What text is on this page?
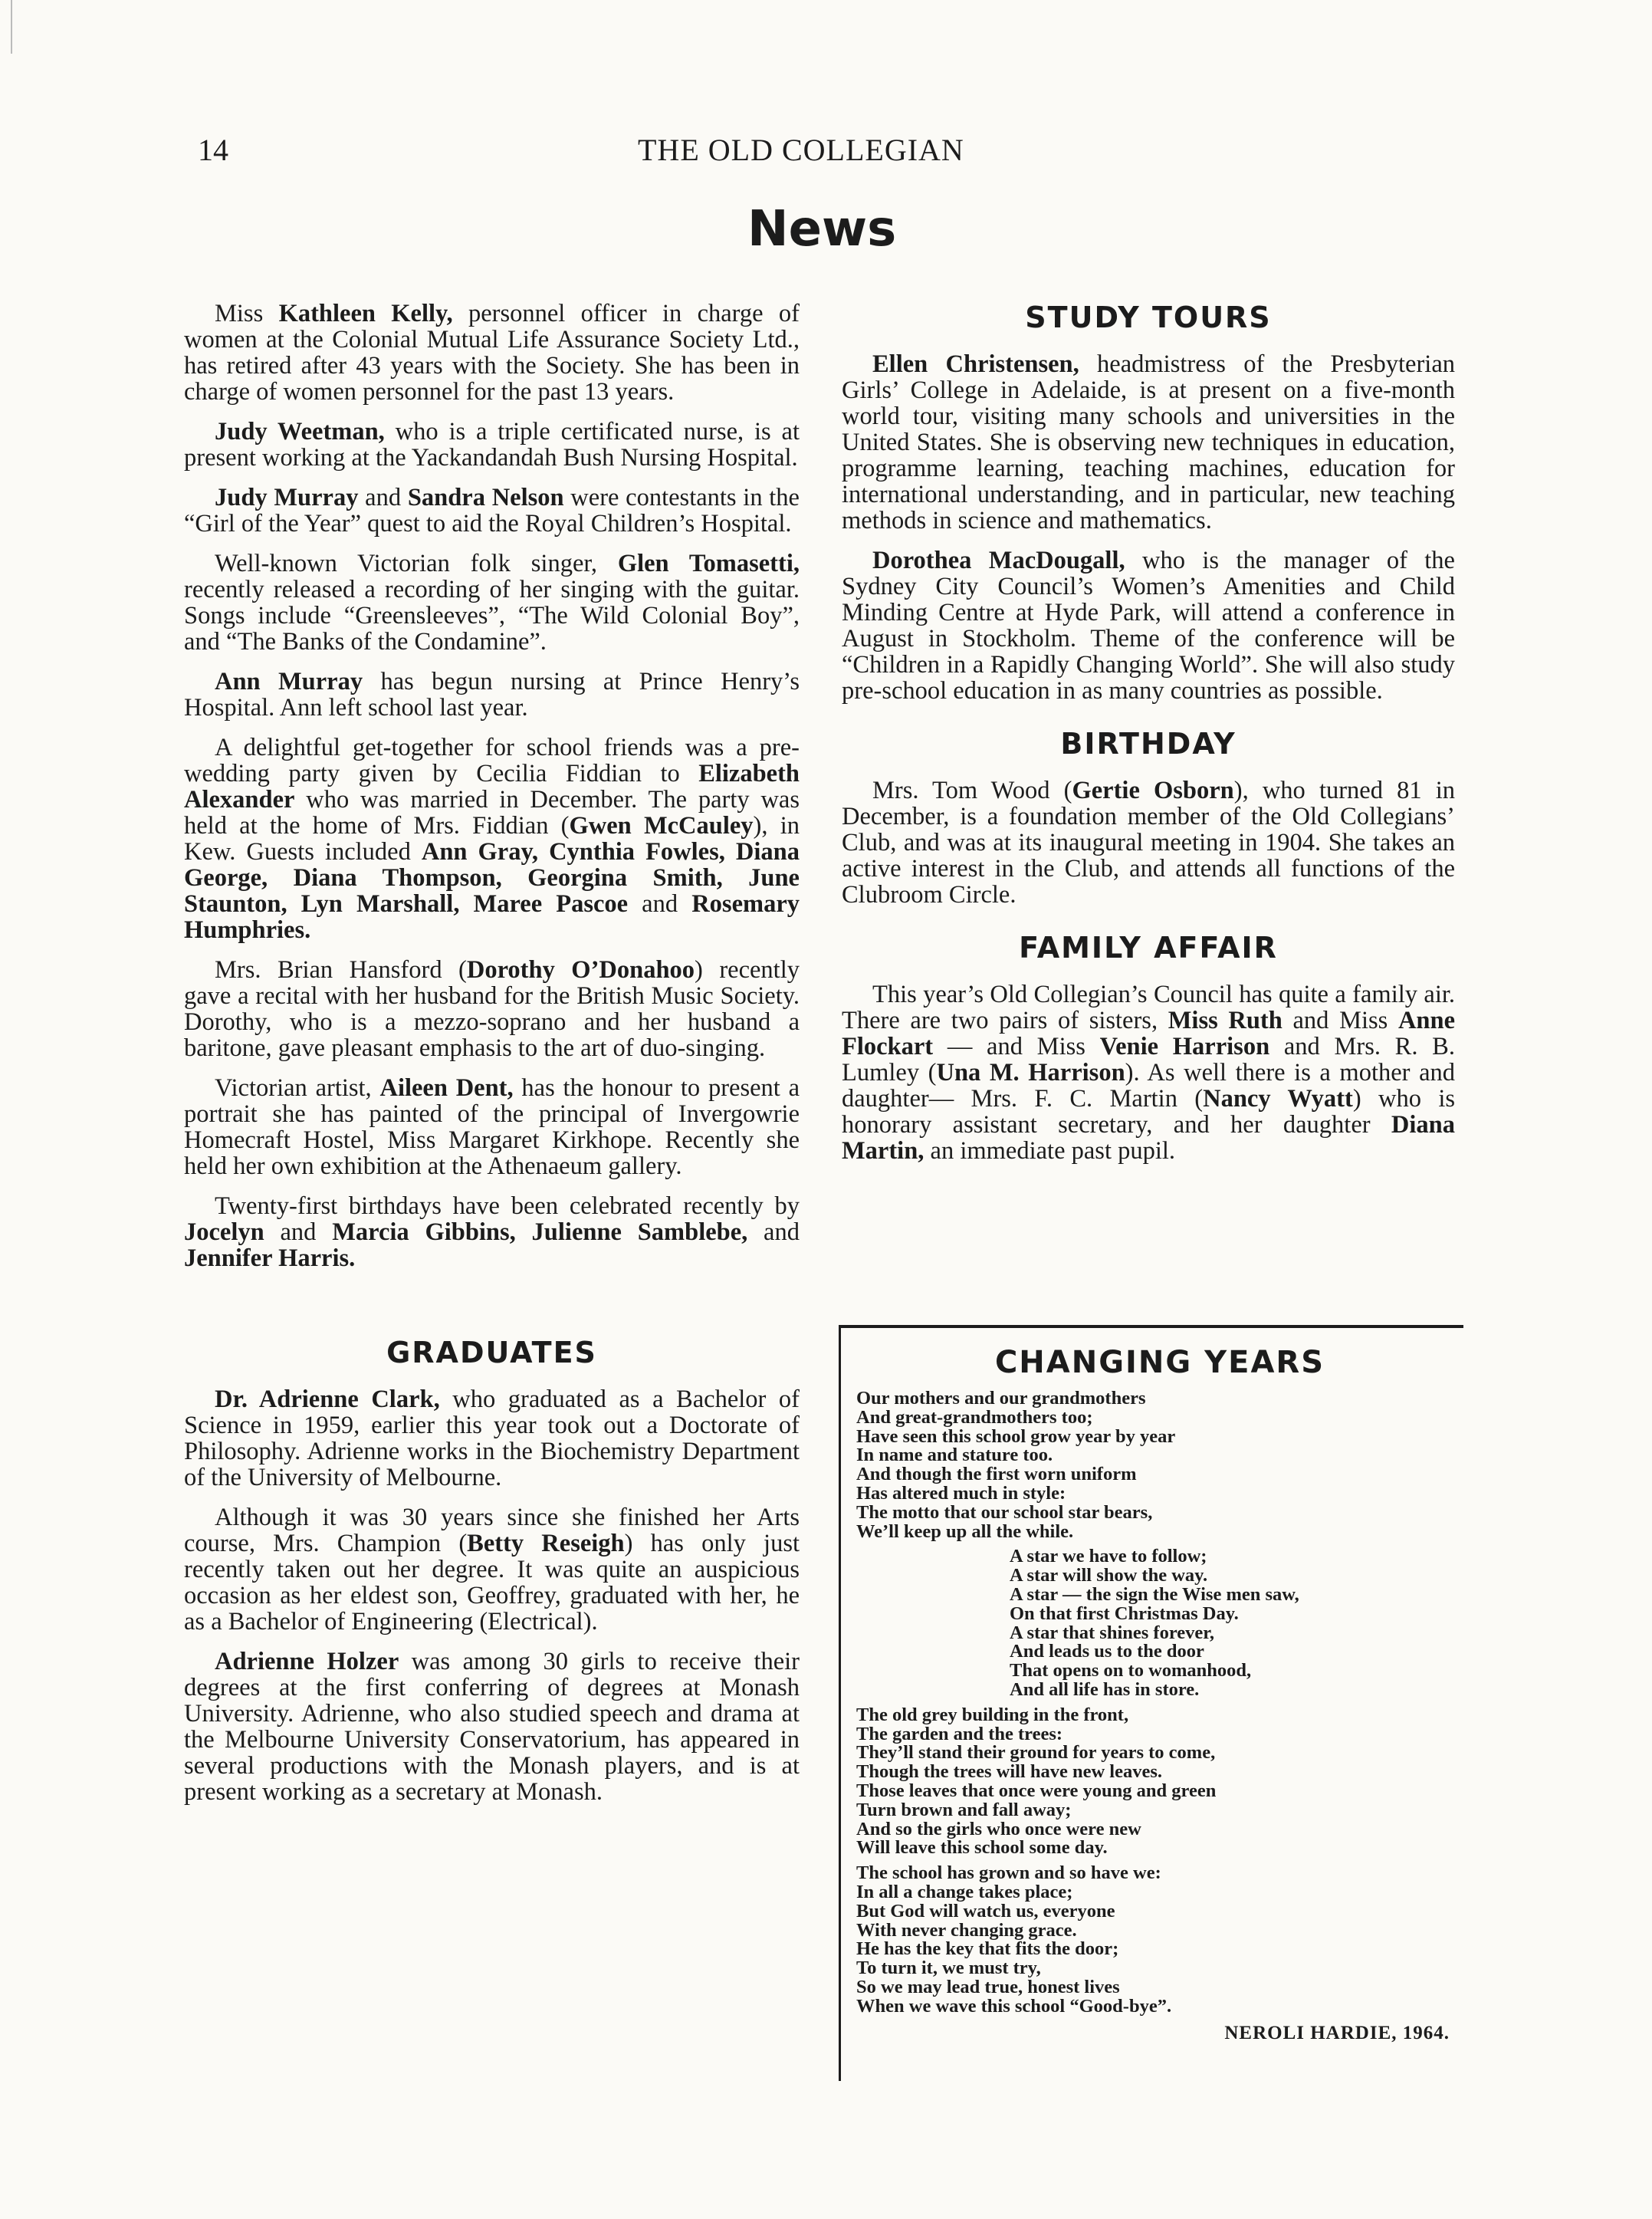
14	THE OLD COLLEGIAN
News

Miss Kathleen Kelly, personnel officer in charge of women at the Colonial Mutual Life Assurance Society Ltd., has retired after 43 years with the Society. She has been in charge of women personnel for the past 13 years.

Judy Weetman, who is a triple certificated nurse, is at present working at the Yackandandah Bush Nursing Hospital.

Judy Murray and Sandra Nelson were contestants in the “Girl of the Year” quest to aid the Royal Children’s Hospital.

Well-known Victorian folk singer, Glen Tomasetti, recently released a recording of her singing with the guitar. Songs include “Greensleeves”, “The Wild Colonial Boy”, and “The Banks of the Condamine”.

Ann Murray has begun nursing at Prince Henry’s Hospital. Ann left school last year.

A delightful get-together for school friends was a pre-wedding party given by Cecilia Fiddian to Elizabeth Alexander who was married in December. The party was held at the home of Mrs. Fiddian (Gwen McCauley), in Kew. Guests included Ann Gray, Cynthia Fowles, Diana George, Diana Thompson, Georgina Smith, June Staunton, Lyn Marshall, Maree Pascoe and Rosemary Humphries.

Mrs. Brian Hansford (Dorothy O’Donahoo) recently gave a recital with her husband for the British Music Society. Dorothy, who is a mezzo-soprano and her husband a baritone, gave pleasant emphasis to the art of duo-singing.

Victorian artist, Aileen Dent, has the honour to present a portrait she has painted of the principal of Invergowrie Homecraft Hostel, Miss Margaret Kirkhope. Recently she held her own exhibition at the Athenaeum gallery.

Twenty-first birthdays have been celebrated recently by Jocelyn and Marcia Gibbins, Julienne Samblebe, and Jennifer Harris.

GRADUATES

Dr. Adrienne Clark, who graduated as a Bachelor of Science in 1959, earlier this year took out a Doctorate of Philosophy. Adrienne works in the Biochemistry Department of the University of Melbourne.

Although it was 30 years since she finished her Arts course, Mrs. Champion (Betty Reseigh) has only just recently taken out her degree. It was quite an auspicious occasion as her eldest son, Geoffrey, graduated with her, he as a Bachelor of Engineering (Electrical).

Adrienne Holzer was among 30 girls to receive their degrees at the first conferring of degrees at Monash University. Adrienne, who also studied speech and drama at the Melbourne University Conservatorium, has appeared in several productions with the Monash players, and is at present working as a secretary at Monash.

STUDY TOURS

Ellen Christensen, headmistress of the Presbyterian Girls’ College in Adelaide, is at present on a five-month world tour, visiting many schools and universities in the United States. She is observing new techniques in education, programme learning, teaching machines, education for international understanding, and in particular, new teaching methods in science and mathematics.

Dorothea MacDougall, who is the manager of the Sydney City Council’s Women’s Amenities and Child Minding Centre at Hyde Park, will attend a conference in August in Stockholm. Theme of the conference will be “Children in a Rapidly Changing World”. She will also study pre-school education in as many countries as possible.

BIRTHDAY

Mrs. Tom Wood (Gertie Osborn), who turned 81 in December, is a foundation member of the Old Collegians’ Club, and was at its inaugural meeting in 1904. She takes an active interest in the Club, and attends all functions of the Clubroom Circle.

FAMILY AFFAIR

This year’s Old Collegian’s Council has quite a family air. There are two pairs of sisters, Miss Ruth and Miss Anne Flockart — and Miss Venie Harrison and Mrs. R. B. Lumley (Una M. Harrison). As well there is a mother and daughter— Mrs. F. C. Martin (Nancy Wyatt) who is honorary assistant secretary, and her daughter Diana Martin, an immediate past pupil.

CHANGING YEARS
Our mothers and our grandmothers
And great-grandmothers too;
Have seen this school grow year by year
In name and stature too.
And though the first worn uniform
Has altered much in style:
The motto that our school star bears,
We’ll keep up all the while.
A star we have to follow;
A star will show the way.
A star — the sign the Wise men saw,
On that first Christmas Day.
A star that shines forever,
And leads us to the door
That opens on to womanhood,
And all life has in store.
The old grey building in the front,
The garden and the trees:
They’ll stand their ground for years to come,
Though the trees will have new leaves.
Those leaves that once were young and green
Turn brown and fall away;
And so the girls who once were new
Will leave this school some day.
The school has grown and so have we:
In all a change takes place;
But God will watch us, everyone
With never changing grace.
He has the key that fits the door;
To turn it, we must try,
So we may lead true, honest lives
When we wave this school “Good-bye”.
NEROLI HARDIE, 1964.
